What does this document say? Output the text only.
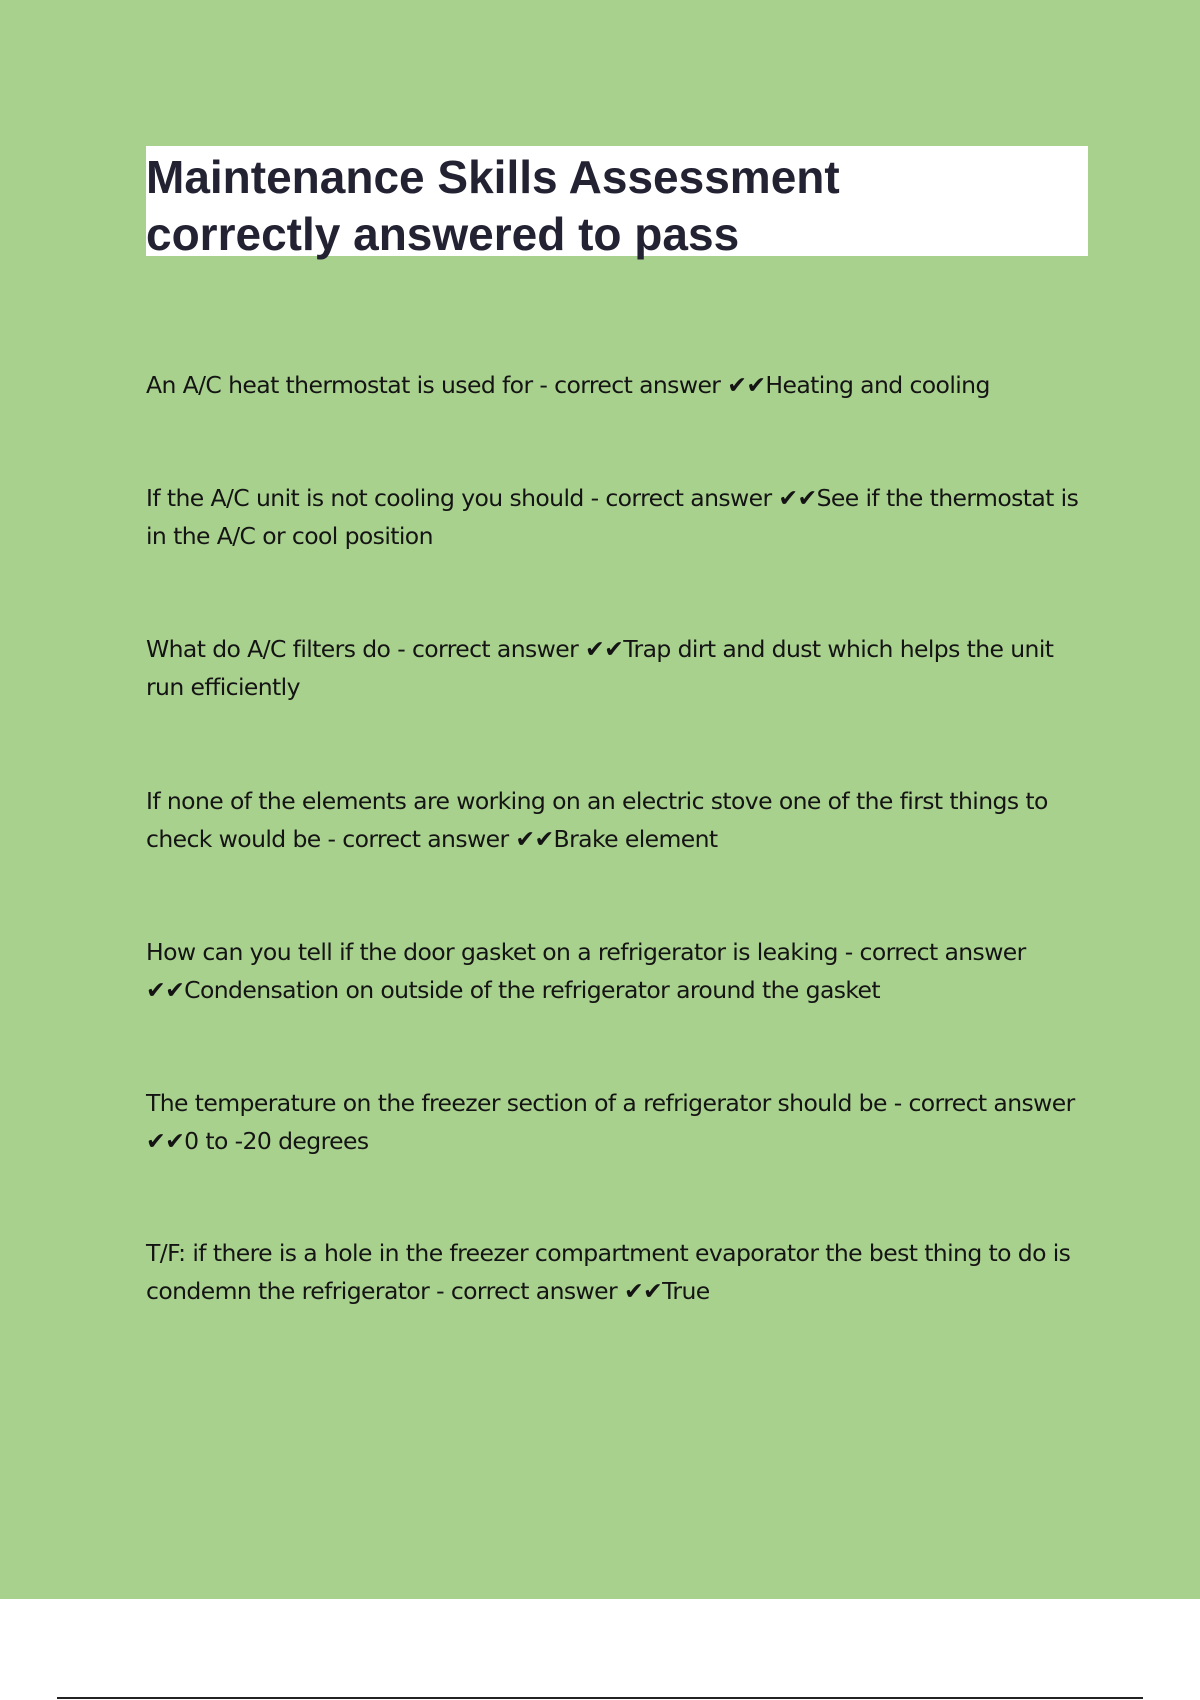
Maintenance Skills Assessment
correctly answered to pass

An A/C heat thermostat is used for - correct answer ✔✔Heating and cooling

If the A/C unit is not cooling you should - correct answer ✔✔See if the thermostat is in the A/C or cool position

What do A/C filters do - correct answer ✔✔Trap dirt and dust which helps the unit run efficiently

If none of the elements are working on an electric stove one of the first things to check would be - correct answer ✔✔Brake element

How can you tell if the door gasket on a refrigerator is leaking - correct answer ✔✔Condensation on outside of the refrigerator around the gasket

The temperature on the freezer section of a refrigerator should be - correct answer ✔✔0 to -20 degrees

T/F: if there is a hole in the freezer compartment evaporator the best thing to do is condemn the refrigerator - correct answer ✔✔True
